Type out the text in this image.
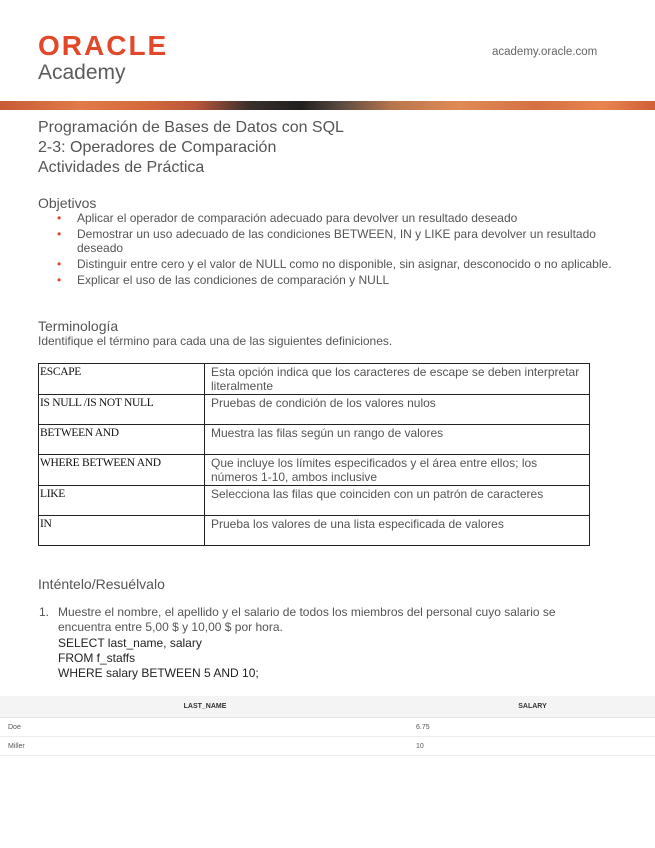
ORACLE
Academy
academy.oracle.com
Programación de Bases de Datos con SQL
2-3: Operadores de Comparación
Actividades de Práctica
Objetivos
• Aplicar el operador de comparación adecuado para devolver un resultado deseado
• Demostrar un uso adecuado de las condiciones BETWEEN, IN y LIKE para devolver un resultado deseado
• Distinguir entre cero y el valor de NULL como no disponible, sin asignar, desconocido o no aplicable.
• Explicar el uso de las condiciones de comparación y NULL
Terminología
Identifique el término para cada una de las siguientes definiciones.
ESCAPE	Esta opción indica que los caracteres de escape se deben interpretar literalmente
IS NULL /IS NOT NULL	Pruebas de condición de los valores nulos
BETWEEN AND	Muestra las filas según un rango de valores
WHERE BETWEEN AND	Que incluye los límites especificados y el área entre ellos; los números 1-10, ambos inclusive
LIKE	Selecciona las filas que coinciden con un patrón de caracteres
IN	Prueba los valores de una lista especificada de valores
Inténtelo/Resuélvalo
1. Muestre el nombre, el apellido y el salario de todos los miembros del personal cuyo salario se encuentra entre 5,00 $ y 10,00 $ por hora.
SELECT last_name, salary
FROM f_staffs
WHERE salary BETWEEN 5 AND 10;
LAST_NAME	SALARY
Doe	6.75
Miller	10
